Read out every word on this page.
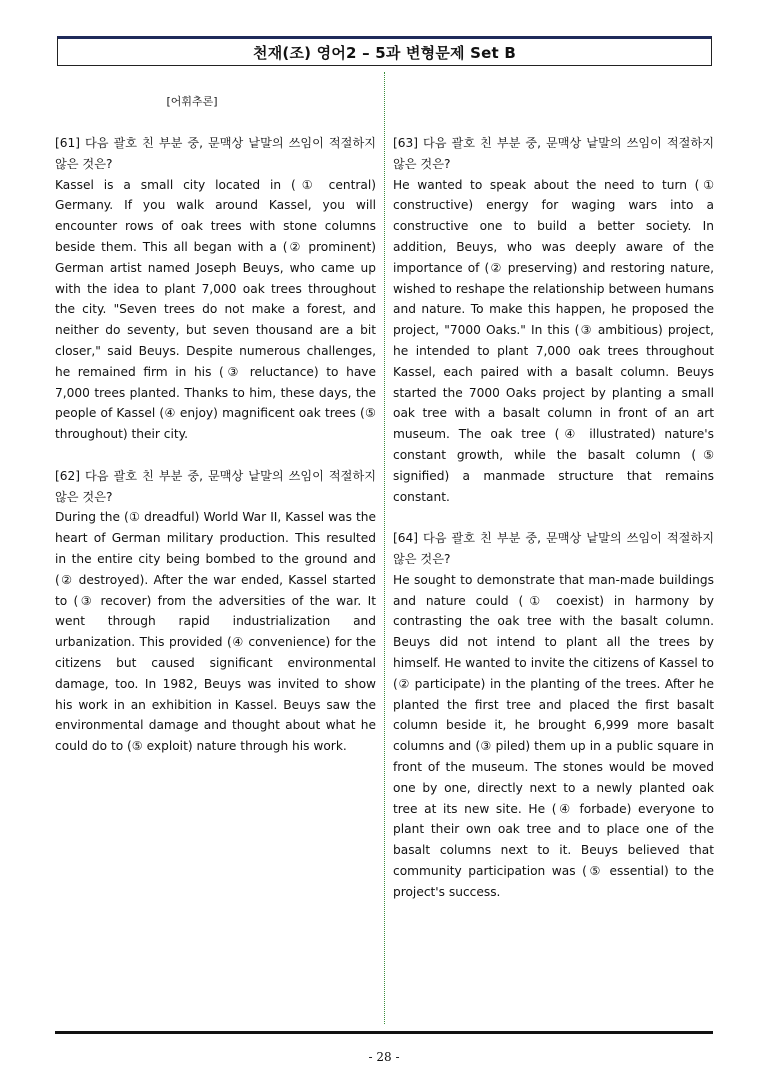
천재(조) 영어2 – 5과 변형문제 Set B
[어휘추론]
[61] 다음 괄호 친 부분 중, 문맥상 낱말의 쓰임이 적절하지 않은 것은?
Kassel is a small city located in (① central) Germany. If you walk around Kassel, you will encounter rows of oak trees with stone columns beside them. This all began with a (② prominent) German artist named Joseph Beuys, who came up with the idea to plant 7,000 oak trees throughout the city. "Seven trees do not make a forest, and neither do seventy, but seven thousand are a bit closer," said Beuys. Despite numerous challenges, he remained firm in his (③ reluctance) to have 7,000 trees planted. Thanks to him, these days, the people of Kassel (④ enjoy) magnificent oak trees (⑤ throughout) their city.
[62] 다음 괄호 친 부분 중, 문맥상 낱말의 쓰임이 적절하지 않은 것은?
During the (① dreadful) World War II, Kassel was the heart of German military production. This resulted in the entire city being bombed to the ground and (② destroyed). After the war ended, Kassel started to (③ recover) from the adversities of the war. It went through rapid industrialization and urbanization. This provided (④ convenience) for the citizens but caused significant environmental damage, too. In 1982, Beuys was invited to show his work in an exhibition in Kassel. Beuys saw the environmental damage and thought about what he could do to (⑤ exploit) nature through his work.
[63] 다음 괄호 친 부분 중, 문맥상 낱말의 쓰임이 적절하지 않은 것은?
He wanted to speak about the need to turn (① constructive) energy for waging wars into a constructive one to build a better society. In addition, Beuys, who was deeply aware of the importance of (② preserving) and restoring nature, wished to reshape the relationship between humans and nature. To make this happen, he proposed the project, "7000 Oaks." In this (③ ambitious) project, he intended to plant 7,000 oak trees throughout Kassel, each paired with a basalt column. Beuys started the 7000 Oaks project by planting a small oak tree with a basalt column in front of an art museum. The oak tree (④ illustrated) nature's constant growth, while the basalt column (⑤ signified) a manmade structure that remains constant.
[64] 다음 괄호 친 부분 중, 문맥상 낱말의 쓰임이 적절하지 않은 것은?
He sought to demonstrate that man-made buildings and nature could (① coexist) in harmony by contrasting the oak tree with the basalt column. Beuys did not intend to plant all the trees by himself. He wanted to invite the citizens of Kassel to (② participate) in the planting of the trees. After he planted the first tree and placed the first basalt column beside it, he brought 6,999 more basalt columns and (③ piled) them up in a public square in front of the museum. The stones would be moved one by one, directly next to a newly planted oak tree at its new site. He (④ forbade) everyone to plant their own oak tree and to place one of the basalt columns next to it. Beuys believed that community participation was (⑤ essential) to the project's success.
- 28 -
